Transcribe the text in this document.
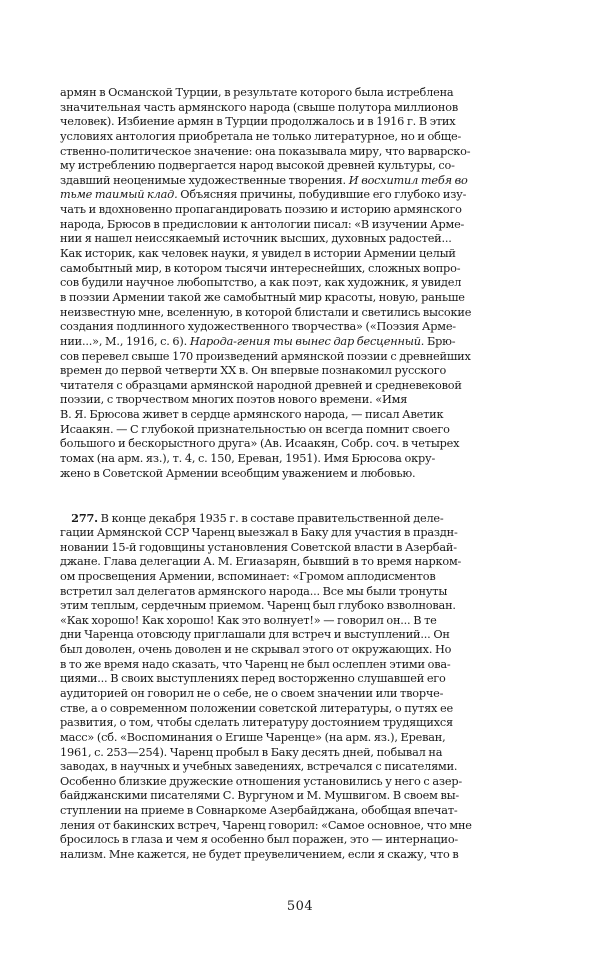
армян в Османской Турции, в результате которого была истреблена
значительная часть армянского народа (свыше полутора миллионов
человек). Избиение армян в Турции продолжалось и в 1916 г. В этих
условиях антология приобретала не только литературное, но и обще-
ственно-политическое значение: она показывала миру, что варварско-
му истреблению подвергается народ высокой древней культуры, со-
здавший неоценимые художественные творения. И восхитил тебя во
тьме таимый клад. Объясняя причины, побудившие его глубоко изу-
чать и вдохновенно пропагандировать поэзию и историю армянского
народа, Брюсов в предисловии к антологии писал: «В изучении Арме-
нии я нашел неиссякаемый источник высших, духовных радостей...
Как историк, как человек науки, я увидел в истории Армении целый
самобытный мир, в котором тысячи интереснейших, сложных вопро-
сов будили научное любопытство, а как поэт, как художник, я увидел
в поэзии Армении такой же самобытный мир красоты, новую, раньше
неизвестную мне, вселенную, в которой блистали и светились высокие
создания подлинного художественного творчества» («Поэзия Арме-
нии...», М., 1916, с. 6). Народа-гения ты вынес дар бесценный. Брю-
сов перевел свыше 170 произведений армянской поэзии с древнейших
времен до первой четверти XX в. Он впервые познакомил русского
читателя с образцами армянской народной древней и средневековой
поэзии, с творчеством многих поэтов нового времени. «Имя
В. Я. Брюсова живет в сердце армянского народа, — писал Аветик
Исаакян. — С глубокой признательностью он всегда помнит своего
большого и бескорыстного друга» (Ав. Исаакян, Собр. соч. в четырех
томах (на арм. яз.), т. 4, с. 150, Ереван, 1951). Имя Брюсова окру-
жено в Советской Армении всеобщим уважением и любовью.
277. В конце декабря 1935 г. в составе правительственной деле-
гации Армянской ССР Чаренц выезжал в Баку для участия в праздн-
новании 15-й годовщины установления Советской власти в Азербай-
джане. Глава делегации А. М. Егиазарян, бывший в то время нарком-
ом просвещения Армении, вспоминает: «Громом аплодисментов
встретил зал делегатов армянского народа... Все мы были тронуты
этим теплым, сердечным приемом. Чаренц был глубоко взволнован.
«Как хорошо! Как хорошо! Как это волнует!» — говорил он... В те
дни Чаренца отовсюду приглашали для встреч и выступлений... Он
был доволен, очень доволен и не скрывал этого от окружающих. Но
в то же время надо сказать, что Чаренц не был ослеплен этими ова-
циями... В своих выступлениях перед восторженно слушавшей его
аудиторией он говорил не о себе, не о своем значении или творче-
стве, а о современном положении советской литературы, о путях ее
развития, о том, чтобы сделать литературу достоянием трудящихся
масс» (сб. «Воспоминания о Егише Чаренце» (на арм. яз.), Ереван,
1961, с. 253—254). Чаренц пробыл в Баку десять дней, побывал на
заводах, в научных и учебных заведениях, встречался с писателями.
Особенно близкие дружеские отношения установились у него с азер-
байджанскими писателями С. Вургуном и М. Мушвигом. В своем вы-
ступлении на приеме в Совнаркоме Азербайджана, обобщая впечат-
ления от бакинских встреч, Чаренц говорил: «Самое основное, что мне
бросилось в глаза и чем я особенно был поражен, это — интернацио-
нализм. Мне кажется, не будет преувеличением, если я скажу, что в
504
